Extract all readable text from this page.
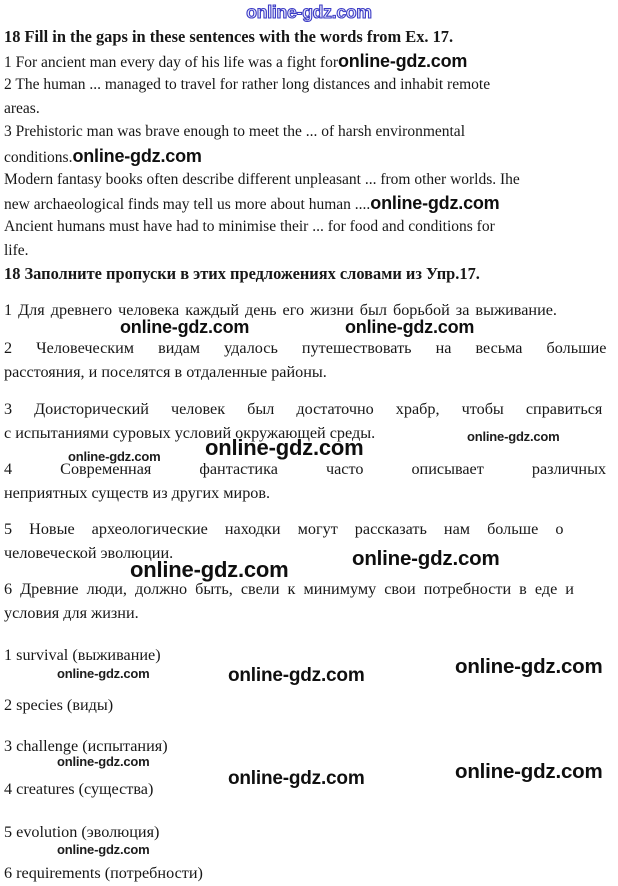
online-gdz.com
18 Fill in the gaps in these sentences with the words from Ex. 17.
1 For ancient man every day of his life was a fight foronline-gdz.com
2 The human ... managed to travel for rather long distances and inhabit remote
areas.
3 Prehistoric man was brave enough to meet the ... of harsh environmental
conditions.online-gdz.com
Modern fantasy books often describe different unpleasant ... from other worlds. Ihe
new archaeological finds may tell us more about human ....online-gdz.com
Ancient humans must have had to minimise their ... for food and conditions for
life.
18 Заполните пропуски в этих предложениях словами из Упр.17.
1 Для древнего человека каждый день его жизни был борьбой за выживание.
online-gdz.com	online-gdz.com
2 Человеческим видам удалось путешествовать на весьма большие
расстояния, и поселятся в отдаленные районы.
3 Доисторический человек был достаточно храбр, чтобы справиться
с испытаниями суровых условий окружающей среды.	online-gdz.com
online-gdz.com online-gdz.com
4 Современная фантастика часто описывает различных
неприятных существ из других миров.
5 Новые археологические находки могут рассказать нам больше о
человеческой эволюции.
online-gdz.com	online-gdz.com
6 Древние люди, должно быть, свели к минимуму свои потребности в еде и
условия для жизни.
1 survival (выживание)
online-gdz.com	online-gdz.com	online-gdz.com
2 species (виды)
3 challenge (испытания)
online-gdz.com
4 creatures (существа)	online-gdz.com	online-gdz.com
5 evolution (эволюция)
online-gdz.com
6 requirements (потребности)
